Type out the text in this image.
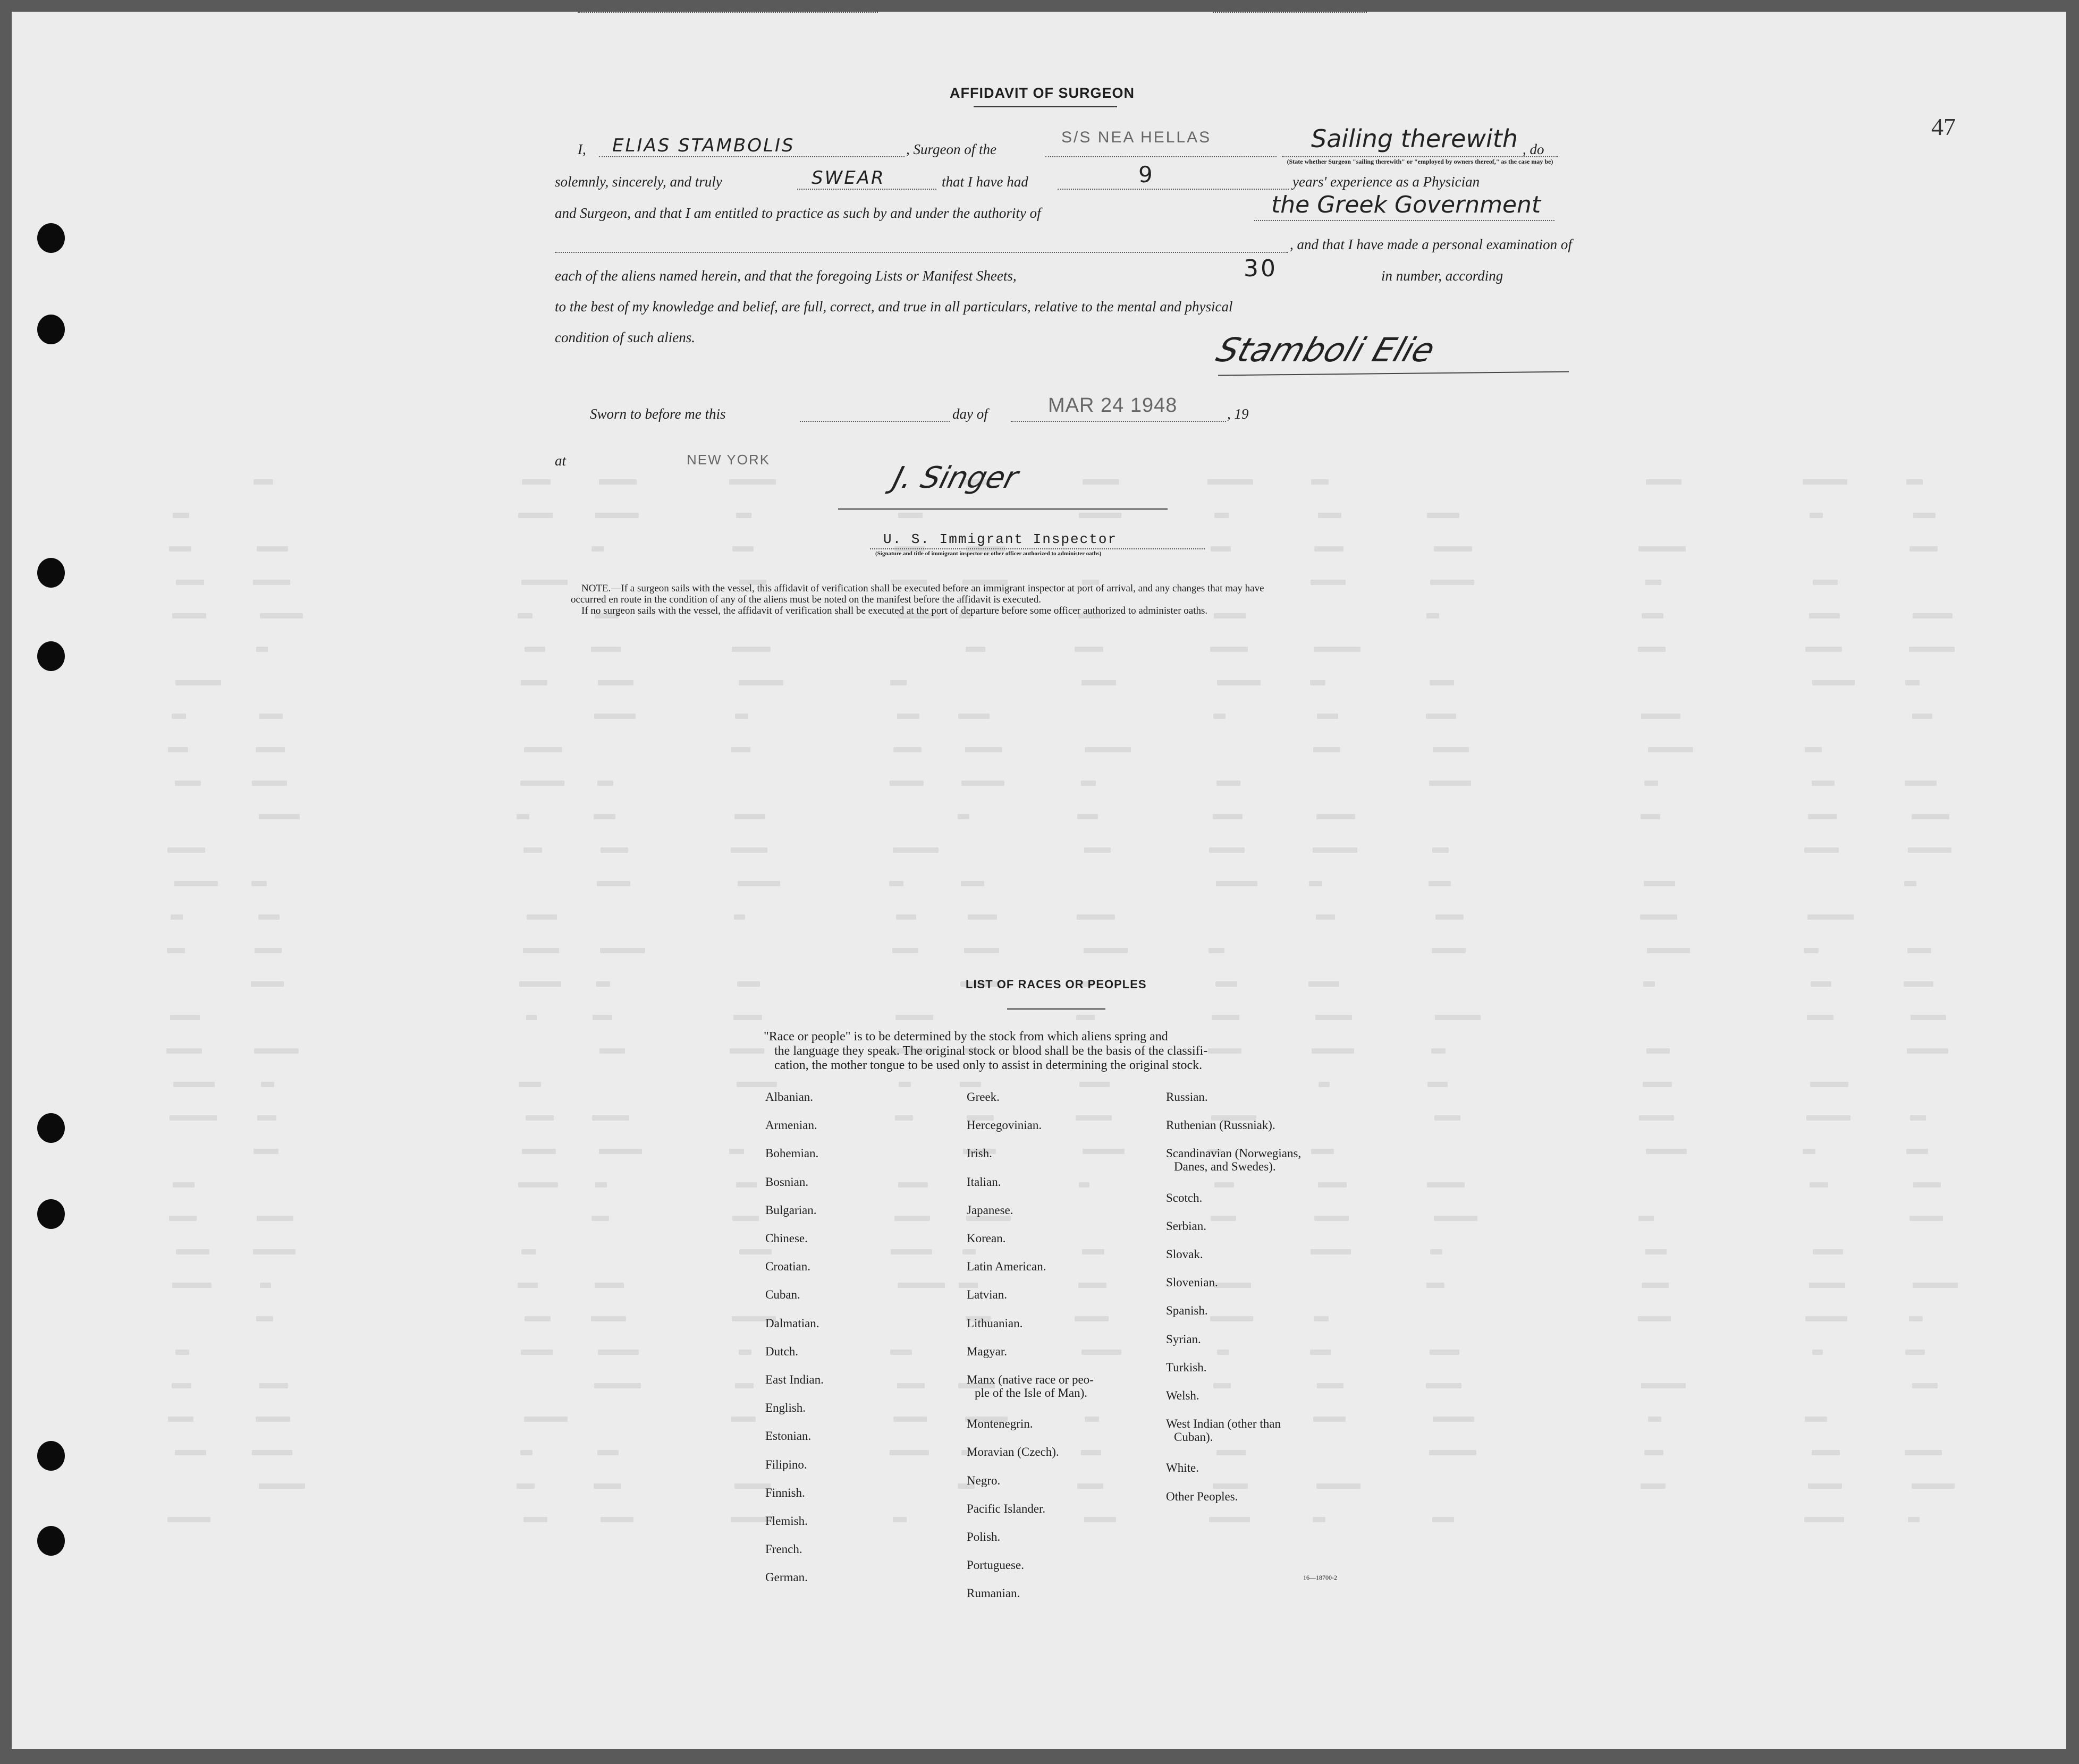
47
AFFIDAVIT OF SURGEON
I, ELIAS STAMBOLIS	, Surgeon of the
S/S NEA HELLAS	Sailing therewith , do
(State whether Surgeon "sailing therewith" or "employed by owners thereof," as the case may be)
solemnly, sincerely, and truly	SWEAR	that I have had	9	years' experience as a Physician
and Surgeon, and that I am entitled to practice as such by and under the authority of	the Greek Government
, and that I have made a personal examination of
each of the aliens named herein, and that the foregoing Lists or Manifest Sheets,	30	in number, according
to the best of my knowledge and belief, are full, correct, and true in all particulars, relative to the mental and physical
condition of such aliens.	Stamboli Elie
Sworn to before me this	day of	MAR 24 1948	, 19
at	NEW YORK
J. Singer
U. S. Immigrant Inspector
(Signature and title of immigrant inspector or other officer authorized to administer oaths)
NOTE.—If a surgeon sails with the vessel, this affidavit of verification shall be executed before an immigrant inspector at port of arrival, and any changes that may have
occurred en route in the condition of any of the aliens must be noted on the manifest before the affidavit is executed.
If no surgeon sails with the vessel, the affidavit of verification shall be executed at the port of departure before some officer authorized to administer oaths.
LIST OF RACES OR PEOPLES
"Race or people" is to be determined by the stock from which aliens spring and
the language they speak. The original stock or blood shall be the basis of the classifi-
cation, the mother tongue to be used only to assist in determining the original stock.
Albanian.
Armenian.
Bohemian.
Bosnian.
Bulgarian.
Chinese.
Croatian.
Cuban.
Dalmatian.
Dutch.
East Indian.
English.
Estonian.
Filipino.
Finnish.
Flemish.
French.
German.
Greek.
Hercegovinian.
Irish.
Italian.
Japanese.
Korean.
Latin American.
Latvian.
Lithuanian.
Magyar.
Manx (native race or peo-
ple of the Isle of Man).
Montenegrin.
Moravian (Czech).
Negro.
Pacific Islander.
Polish.
Portuguese.
Rumanian.
Russian.
Ruthenian (Russniak).
Scandinavian (Norwegians,
Danes, and Swedes).
Scotch.
Serbian.
Slovak.
Slovenian.
Spanish.
Syrian.
Turkish.
Welsh.
West Indian (other than
Cuban).
White.
Other Peoples.
16—18700-2
